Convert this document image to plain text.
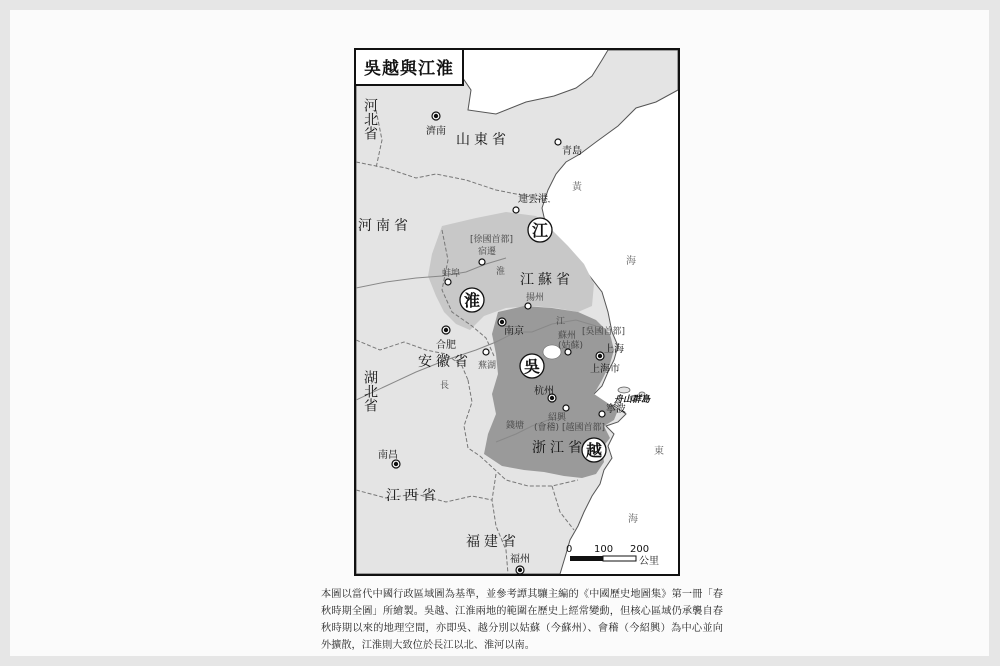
0 100 200
公里
江
淮
吳
越
山東省
河南省
江蘇省
安徽省
浙江省
江西省
福建省
河北省
湖北省
濟南
青島
連雲港
[徐國首都]
宿遷
蚌埠
揚州
南京
合肥
蕪湖
蘇州 [吳國首都]
(姑蘇) 上海
上海市
杭州
寧波
紹興
(會稽) [越國首都]
南昌
福州
黃
海
東
海
江
長
淮
錢塘
舟山群島
吳越與江淮

本圖以當代中國行政區域圖為基準，並參考譚其驤主編的《中國歷史地圖集》第一冊「春秋時期全圖」所繪製。吳越、江淮兩地的範圍在歷史上經常變動，但核心區域仍承襲自春秋時期以來的地理空間，亦即吳、越分別以姑蘇（今蘇州）、會稽（今紹興）為中心並向外擴散，江淮則大致位於長江以北、淮河以南。
